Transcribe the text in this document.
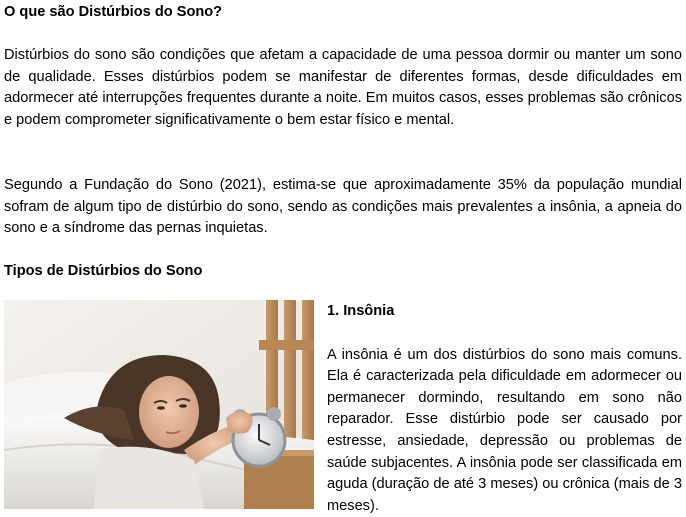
O que são Distúrbios do Sono?

Distúrbios do sono são condições que afetam a capacidade de uma pessoa dormir ou manter um sono de qualidade. Esses distúrbios podem se manifestar de diferentes formas, desde dificuldades em adormecer até interrupções frequentes durante a noite. Em muitos casos, esses problemas são crônicos e podem comprometer significativamente o bem estar físico e mental.

Segundo a Fundação do Sono (2021), estima-se que aproximadamente 35% da população mundial sofram de algum tipo de distúrbio do sono, sendo as condições mais prevalentes a insônia, a apneia do sono e a síndrome das pernas inquietas.

Tipos de Distúrbios do Sono
1. Insônia

A insônia é um dos distúrbios do sono mais comuns. Ela é caracterizada pela dificuldade em adormecer ou permanecer dormindo, resultando em sono não reparador. Esse distúrbio pode ser causado por estresse, ansiedade, depressão ou problemas de saúde subjacentes. A insônia pode ser classificada em aguda (duração de até 3 meses) ou crônica (mais de 3 meses).
